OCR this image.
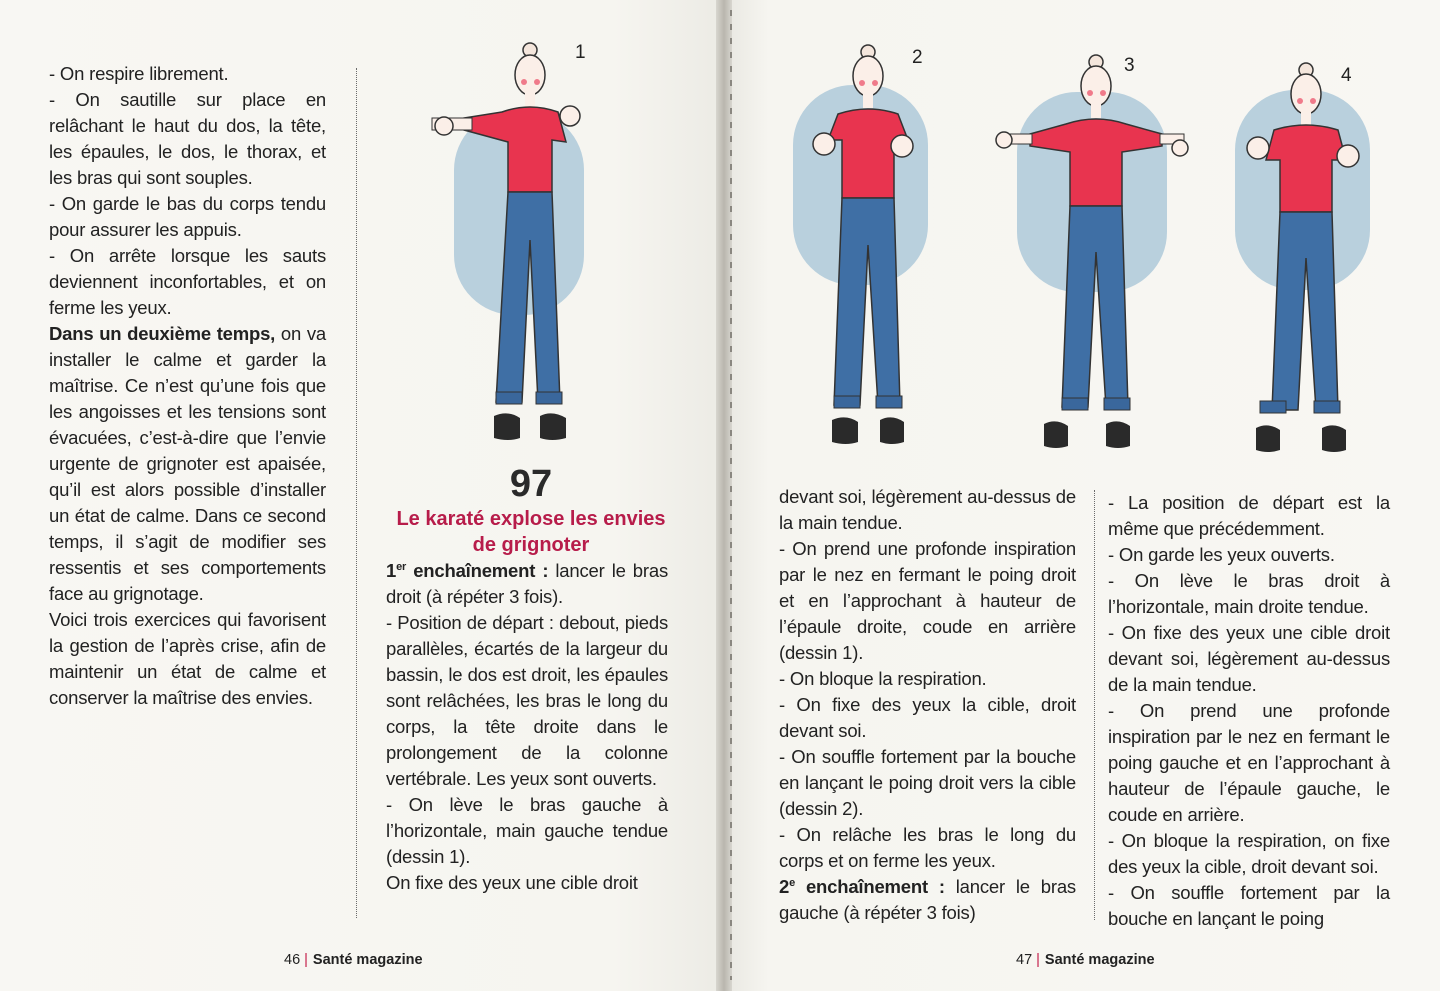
- On respire librement.

- On sautille sur place en relâchant le haut du dos, la tête, les épaules, le dos, le thorax, et les bras qui sont souples.

- On garde le bas du corps tendu pour assurer les appuis.

- On arrête lorsque les sauts deviennent inconfortables, et on ferme les yeux.

Dans un deuxième temps, on va installer le calme et garder la maîtrise. Ce n’est qu’une fois que les angoisses et les tensions sont évacuées, c’est-à-dire que l’envie urgente de grignoter est apaisée, qu’il est alors possible d’installer un état de calme. Dans ce second temps, il s’agit de modifier ses ressentis et ses comportements face au grignotage.

Voici trois exercices qui favorisent la gestion de l’après crise, afin de maintenir un état de calme et conserver la maîtrise des envies.

97
Le karaté explose les envies de grignoter

1er enchaînement : lancer le bras droit (à répéter 3 fois).

- Position de départ : debout, pieds parallèles, écartés de la largeur du bassin, le dos est droit, les épaules sont relâchées, les bras le long du corps, la tête droite dans le prolongement de la colonne vertébrale. Les yeux sont ouverts.

- On lève le bras gauche à l’horizontale, main gauche tendue (dessin 1).

On fixe des yeux une cible droit

1
46 | Santé magazine
2	3	4

devant soi, légèrement au-dessus de la main tendue.

- On prend une profonde inspiration par le nez en fermant le poing droit et en l’approchant à hauteur de l’épaule droite, coude en arrière (dessin 1).

- On bloque la respiration.

- On fixe des yeux la cible, droit devant soi.

- On souffle fortement par la bouche en lançant le poing droit vers la cible (dessin 2).

- On relâche les bras le long du corps et on ferme les yeux.

2e enchaînement : lancer le bras gauche (à répéter 3 fois)

- La position de départ est la même que précédemment.

- On garde les yeux ouverts.

- On lève le bras droit à l’horizontale, main droite tendue.

- On fixe des yeux une cible droit devant soi, légèrement au-dessus de la main tendue.

- On prend une profonde inspiration par le nez en fermant le poing gauche et en l’approchant à hauteur de l’épaule gauche, le coude en arrière.

- On bloque la respiration, on fixe des yeux la cible, droit devant soi.

- On souffle fortement par la bouche en lançant le poing

47 | Santé magazine
